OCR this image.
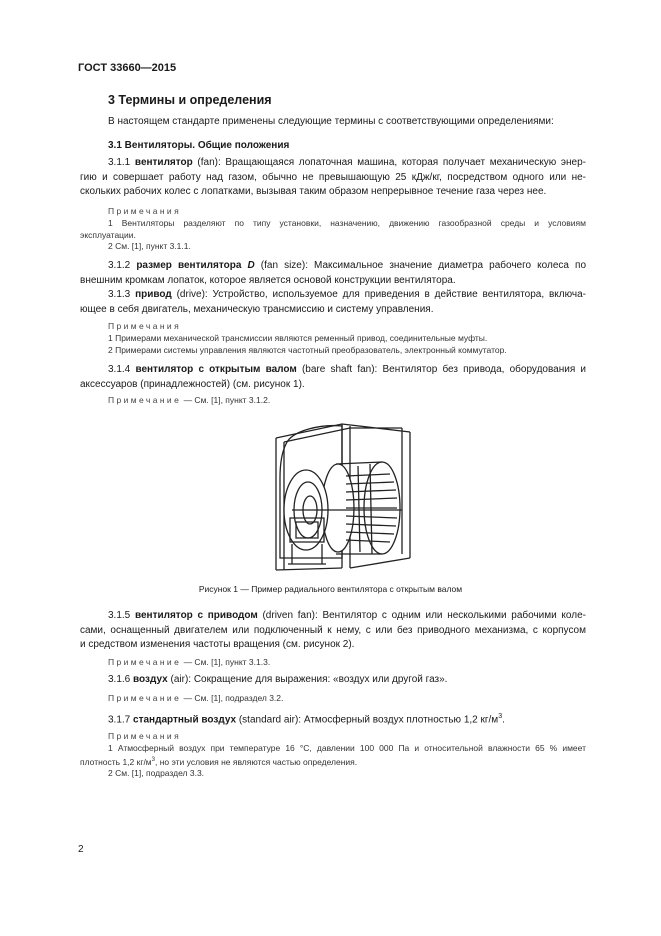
ГОСТ 33660—2015
3 Термины и определения
В настоящем стандарте применены следующие термины с соответствующими определениями:
3.1 Вентиляторы. Общие положения
3.1.1 вентилятор (fan): Вращающаяся лопаточная машина, которая получает механическую энер-
гию и совершает работу над газом, обычно не превышающую 25 кДж/кг, посредством одного или не-
скольких рабочих колес с лопатками, вызывая таким образом непрерывное течение газа через нее.
Примечания
1 Вентиляторы разделяют по типу установки, назначению, движению газообразной среды и условиям
эксплуатации.
2 См. [1], пункт 3.1.1.
3.1.2 размер вентилятора D (fan size): Максимальное значение диаметра рабочего колеса по
внешним кромкам лопаток, которое является основой конструкции вентилятора.
3.1.3 привод (drive): Устройство, используемое для приведения в действие вентилятора, включа-
ющее в себя двигатель, механическую трансмиссию и систему управления.
Примечания
1 Примерами механической трансмиссии являются ременный привод, соединительные муфты.
2 Примерами системы управления являются частотный преобразователь, электронный коммутатор.
3.1.4 вентилятор с открытым валом (bare shaft fan): Вентилятор без привода, оборудования и
аксессуаров (принадлежностей) (см. рисунок 1).
Примечание — См. [1], пункт 3.1.2.
Рисунок 1 — Пример радиального вентилятора с открытым валом
3.1.5 вентилятор с приводом (driven fan): Вентилятор с одним или несколькими рабочими коле-
сами, оснащенный двигателем или подключенный к нему, с или без приводного механизма, с корпусом
и средством изменения частоты вращения (см. рисунок 2).
Примечание — См. [1], пункт 3.1.3.
3.1.6 воздух (air): Сокращение для выражения: «воздух или другой газ».
Примечание — См. [1], подраздел 3.2.
3.1.7 стандартный воздух (standard air): Атмосферный воздух плотностью 1,2 $кг/м^3$.
Примечания
1 Атмосферный воздух при температуре 16 °С, давлении 100 000 Па и относительной влажности 65 % имеет
плотность 1,2 $кг/м^3$, но эти условия не являются частью определения.
2 См. [1], подраздел 3.3.
2
